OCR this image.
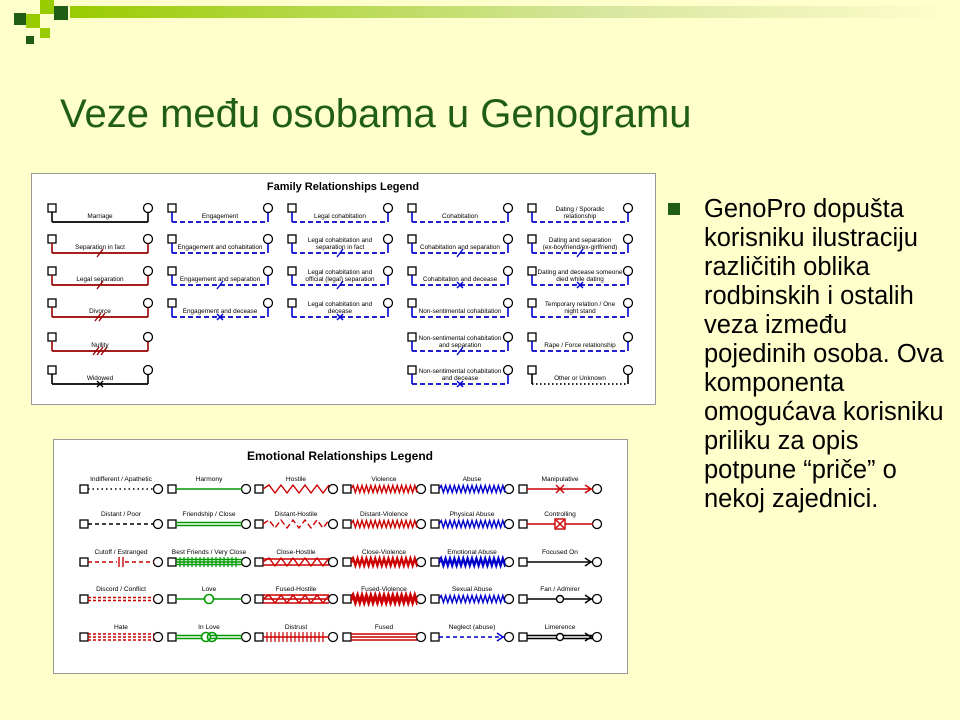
Veze među osobama u Genogramu
Family Relationships Legend
Marriage
Separation in fact
Legal separation
Divorce
Nullity
Widowed
Engagement
Engagement and cohabitation
Engagement and separation
Engagement and decease
Legal cohabitation
Legal cohabitation and
separation in fact
Legal cohabitation and
official (legal) separation
Legal cohabitation and
decease
Cohabitation
Cohabitation and separation
Cohabitation and decease
Non-sentimental cohabitation
Non-sentimental cohabitation
and separation
Non-sentimental cohabitation
and decease
Dating / Sporadic
relationship
Dating and separation
(ex-boyfriend/ex-girlfriend)
Dating and decease someone
died while dating
Temporary relation / One
night stand
Rape / Force relationship
Other or Unknown
Emotional Relationships Legend
Indifferent / Apathetic
Distant / Poor
Cutoff / Estranged
Discord / Conflict
Hate
Harmony
Friendship / Close
Best Friends / Very Close
Love
In Love
Hostile
Distant-Hostile
Close-Hostile
Fused-Hostile
Distrust
Violence
Distant-Violence
Close-Violence
Fused-Violence
Fused
Abuse
Physical Abuse
Emotional Abuse
Sexual Abuse
Neglect (abuse)
Manipulative
Controlling
Focused On
Fan / Admirer
Limerence
GenoPro dopušta korisniku ilustraciju različitih oblika rodbinskih i ostalih veza između pojedinih osoba. Ova komponenta omogućava korisniku priliku za opis potpune “priče” o nekoj zajednici.
